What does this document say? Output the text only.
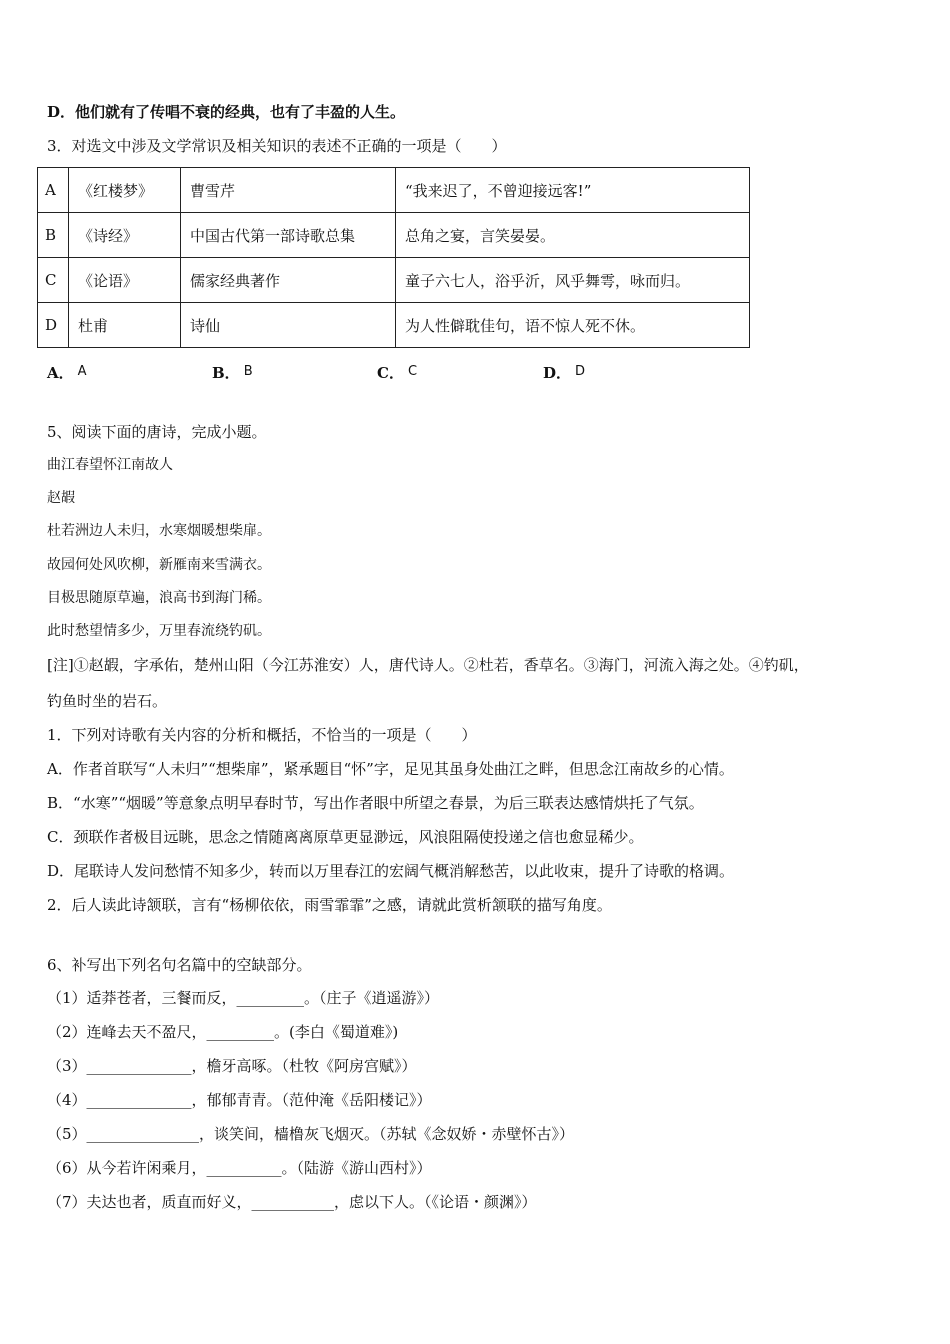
D．他们就有了传唱不衰的经典，也有了丰盈的人生。
3．对选文中涉及文学常识及相关知识的表述不正确的一项是（　　）
A	《红楼梦》	曹雪芹	“我来迟了，不曾迎接远客!”
B	《诗经》	中国古代第一部诗歌总集	总角之宴，言笑晏晏。
C	《论语》	儒家经典著作	童子六七人，浴乎沂，风乎舞雩，咏而归。
D	杜甫	诗仙	为人性僻耽佳句，语不惊人死不休。
A． A	B． B	C． C	D． D
5、阅读下面的唐诗，完成小题。
曲江春望怀江南故人
赵嘏
杜若洲边人未归，水寒烟暖想柴扉。
故园何处风吹柳，新雁南来雪满衣。
目极思随原草遍，浪高书到海门稀。
此时愁望情多少，万里春流绕钓矶。
[注]①赵嘏，字承佑，楚州山阳（今江苏淮安）人，唐代诗人。②杜若，香草名。③海门，河流入海之处。④钓矶，
钓鱼时坐的岩石。
1．下列对诗歌有关内容的分析和概括，不恰当的一项是（　　）
A．作者首联写“人未归”“想柴扉”，紧承题目“怀”字，足见其虽身处曲江之畔，但思念江南故乡的心情。
B．“水寒”“烟暖”等意象点明早春时节，写出作者眼中所望之春景，为后三联表达感情烘托了气氛。
C．颈联作者极目远眺，思念之情随离离原草更显渺远，风浪阻隔使投递之信也愈显稀少。
D．尾联诗人发问愁情不知多少，转而以万里春江的宏阔气概消解愁苦，以此收束，提升了诗歌的格调。
2．后人读此诗颔联，言有“杨柳依依，雨雪霏霏”之感，请就此赏析颔联的描写角度。
6、补写出下列名句名篇中的空缺部分。
（1）适莽苍者，三餐而反，_________。（庄子《逍遥游》）
（2）连峰去天不盈尺，_________。(李白《蜀道难》)
（3）______________，檐牙高啄。（杜牧《阿房宫赋》）
（4）______________，郁郁青青。（范仲淹《岳阳楼记》）
（5）_______________，谈笑间，樯橹灰飞烟灭。（苏轼《念奴娇・赤壁怀古》）
（6）从今若许闲乘月，__________。（陆游《游山西村》）
（7）夫达也者，质直而好义，___________，虑以下人。（《论语・颜渊》）
